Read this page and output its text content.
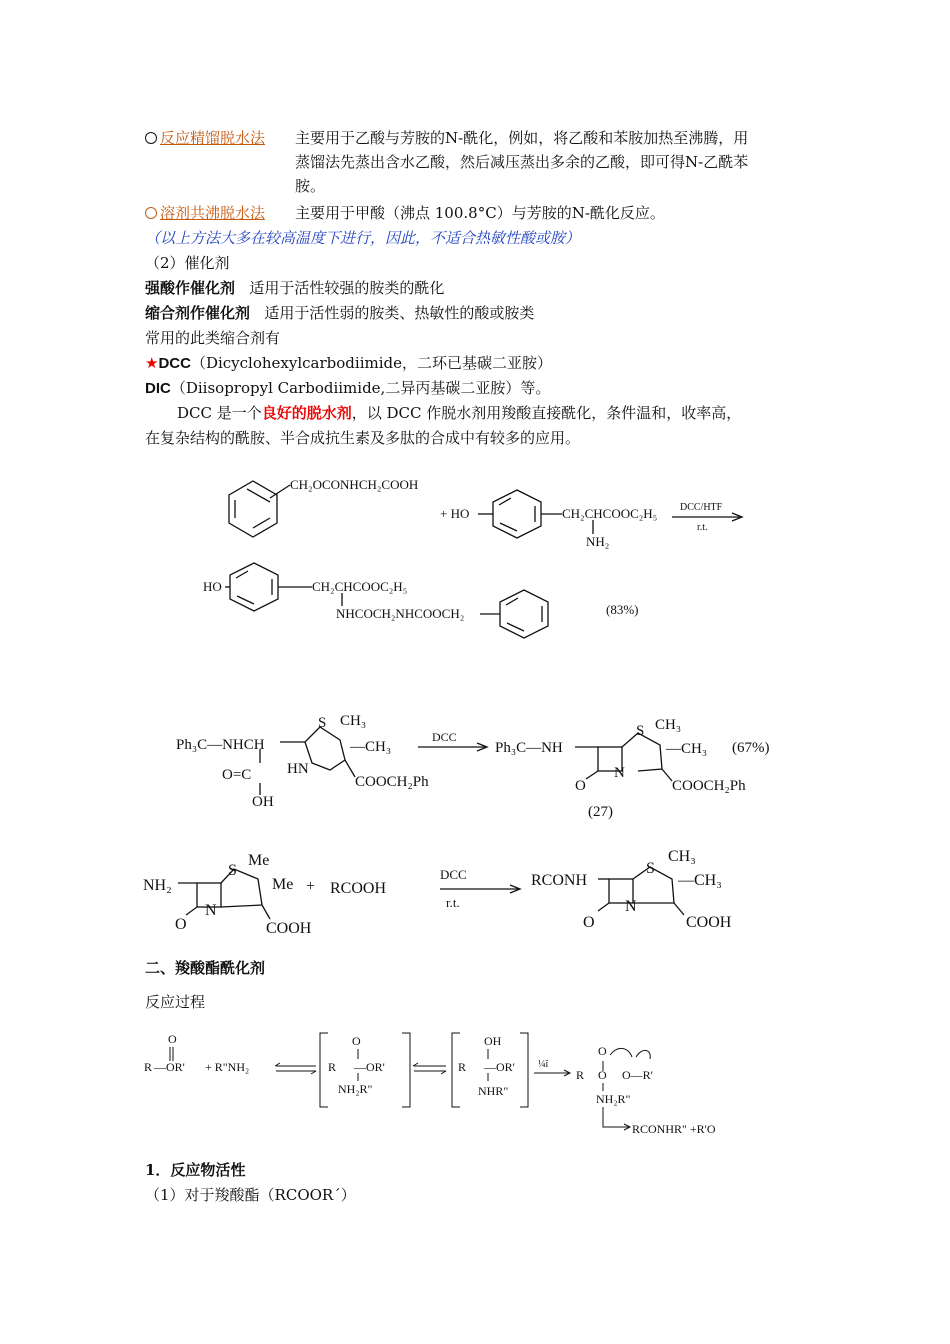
反应精馏脱水法 主要用于乙酸与芳胺的N-酰化，例如，将乙酸和苯胺加热至沸腾，用
蒸馏法先蒸出含水乙酸，然后减压蒸出多余的乙酸，即可得N-乙酰苯
胺。
溶剂共沸脱水法 主要用于甲酸（沸点 100.8°C）与芳胺的N-酰化反应。
（以上方法大多在较高温度下进行，因此，不适合热敏性酸或胺）
（2）催化剂
强酸作催化剂 适用于活性较强的胺类的酰化
缩合剂作催化剂 适用于活性弱的胺类、热敏性的酸或胺类
常用的此类缩合剂有
★DCC（Dicyclohexylcarbodiimide，二环已基碳二亚胺）
DIC（Diisopropyl Carbodiimide,二异丙基碳二亚胺）等。
DCC 是一个良好的脱水剂，以 DCC 作脱水剂用羧酸直接酰化，条件温和，收率高，
在复杂结构的酰胺、半合成抗生素及多肽的合成中有较多的应用。
CH₂OCONHCH₂COOH
+ HO	CH₂CHCOOC₂H₅
NH₂
DCC/HTF
r.t.
HO	CH₂CHCOOC₂H₅
NHCOCH₂NHCOOCH₂	(83%)
Ph₃C—NHCH
S CH₃
—CH₃
HN
O=C
OH
COOCH₂Ph
DCC
Ph₃C—NH
S CH₃
—CH₃
N
O	COOCH₂Ph
(67%)
(27)
NH₂
S
Me
Me
N
O	COOH
+ RCOOH
DCC
r.t.
RCONH
S
CH₃
—CH₃
N
O	COOH
二、羧酸酯酰化剂
反应过程
O
R —OR' + R"NH₂
O
R —OR'
NH₂R"
OH
R —OR'
NHR"
¼î
O
R O O—R'
NH₂R"
RCONHR" +R'O
1．反应物活性
（1）对于羧酸酯（RCOOR´）
